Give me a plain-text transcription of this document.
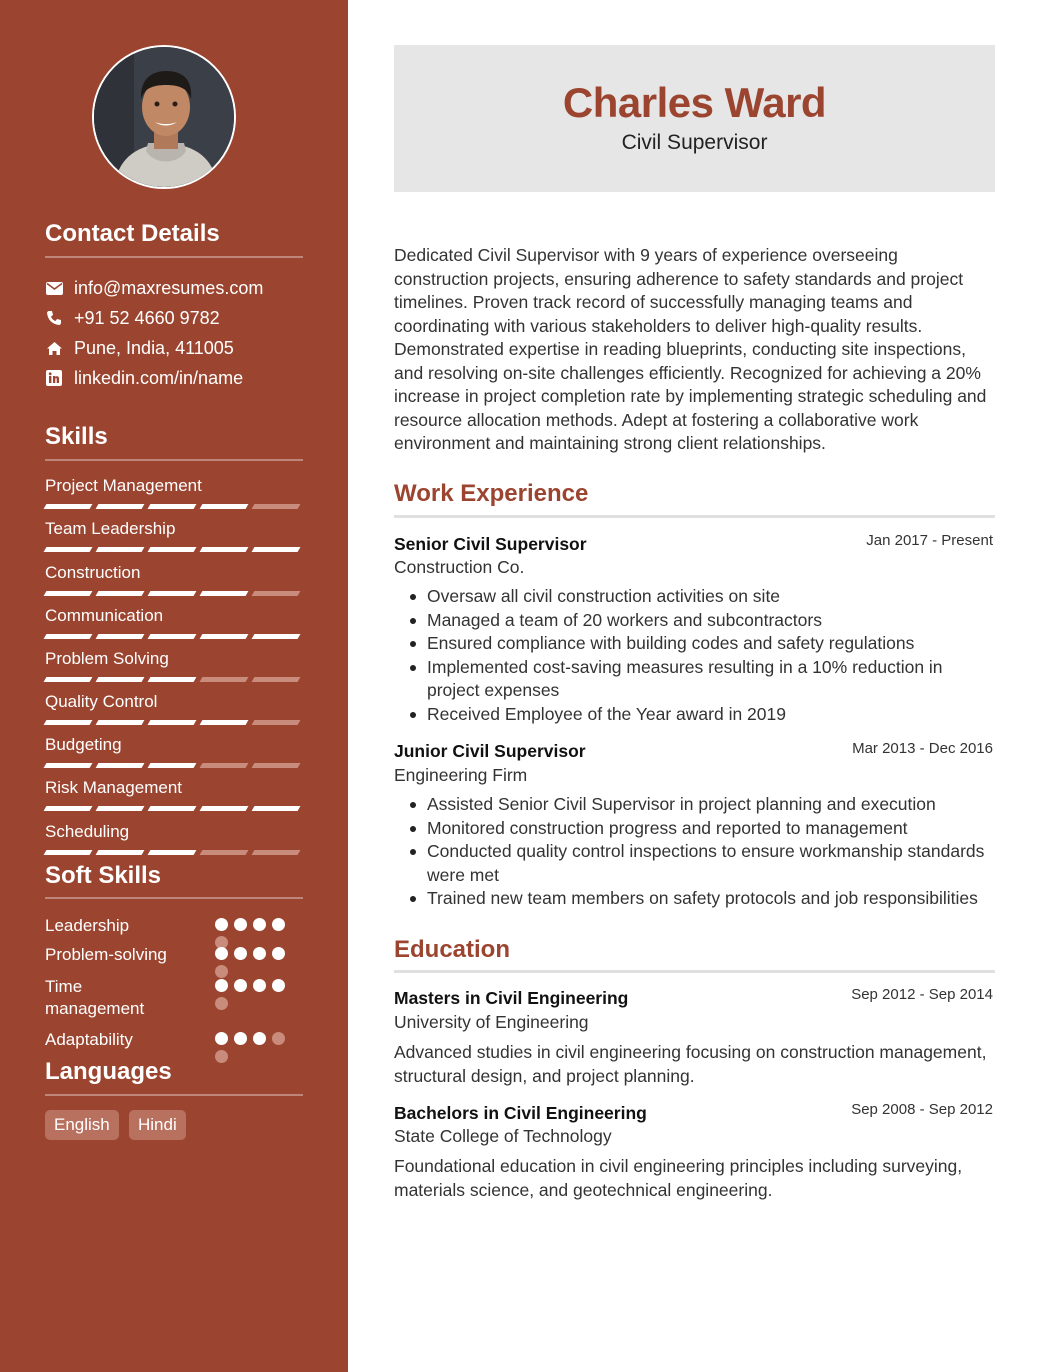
Contact Details
info@maxresumes.com
+91 52 4660 9782
Pune, India, 411005
linkedin.com/in/name
Skills
Project Management
Team Leadership
Construction
Communication
Problem Solving
Quality Control
Budgeting
Risk Management
Scheduling
Soft Skills
Leadership
Problem-solving
Time management
Adaptability
Languages
English	Hindi
Charles Ward
Civil Supervisor
Dedicated Civil Supervisor with 9 years of experience overseeing construction projects, ensuring adherence to safety standards and project timelines. Proven track record of successfully managing teams and coordinating with various stakeholders to deliver high-quality results. Demonstrated expertise in reading blueprints, conducting site inspections, and resolving on-site challenges efficiently. Recognized for achieving a 20% increase in project completion rate by implementing strategic scheduling and resource allocation methods. Adept at fostering a collaborative work environment and maintaining strong client relationships.
Work Experience
Senior Civil Supervisor	Jan 2017 - Present
Construction Co.
Oversaw all civil construction activities on site
Managed a team of 20 workers and subcontractors
Ensured compliance with building codes and safety regulations
Implemented cost-saving measures resulting in a 10% reduction in project expenses
Received Employee of the Year award in 2019
Junior Civil Supervisor	Mar 2013 - Dec 2016
Engineering Firm
Assisted Senior Civil Supervisor in project planning and execution
Monitored construction progress and reported to management
Conducted quality control inspections to ensure workmanship standards were met
Trained new team members on safety protocols and job responsibilities
Education
Masters in Civil Engineering	Sep 2012 - Sep 2014
University of Engineering
Advanced studies in civil engineering focusing on construction management, structural design, and project planning.
Bachelors in Civil Engineering	Sep 2008 - Sep 2012
State College of Technology
Foundational education in civil engineering principles including surveying, materials science, and geotechnical engineering.
